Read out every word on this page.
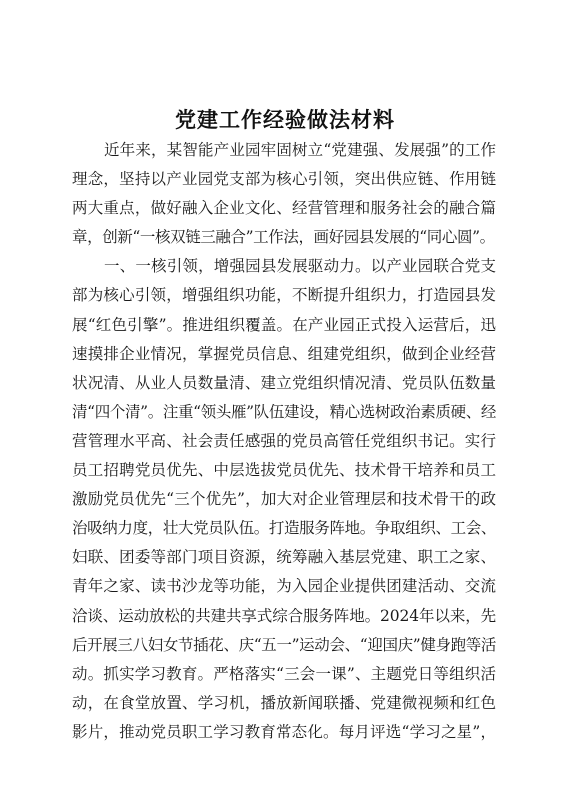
党建工作经验做法材料
近年来，某智能产业园牢固树立“党建强、发展强”的工作
理念，坚持以产业园党支部为核心引领，突出供应链、作用链
两大重点，做好融入企业文化、经营管理和服务社会的融合篇
章，创新“一核双链三融合”工作法，画好园县发展的“同心圆”。
一、一核引领，增强园县发展驱动力。以产业园联合党支
部为核心引领，增强组织功能，不断提升组织力，打造园县发
展“红色引擎”。推进组织覆盖。在产业园正式投入运营后，迅
速摸排企业情况，掌握党员信息、组建党组织，做到企业经营
状况清、从业人员数量清、建立党组织情况清、党员队伍数量
清“四个清”。注重“领头雁”队伍建设，精心选树政治素质硬、经
营管理水平高、社会责任感强的党员高管任党组织书记。实行
员工招聘党员优先、中层选拔党员优先、技术骨干培养和员工
激励党员优先“三个优先”，加大对企业管理层和技术骨干的政
治吸纳力度，壮大党员队伍。打造服务阵地。争取组织、工会、
妇联、团委等部门项目资源，统筹融入基层党建、职工之家、
青年之家、读书沙龙等功能，为入园企业提供团建活动、交流
洽谈、运动放松的共建共享式综合服务阵地。2024年以来，先
后开展三八妇女节插花、庆“五一”运动会、“迎国庆”健身跑等活
动。抓实学习教育。严格落实“三会一课”、主题党日等组织活
动，在食堂放置、学习机，播放新闻联播、党建微视频和红色
影片，推动党员职工学习教育常态化。每月评选“学习之星”，
